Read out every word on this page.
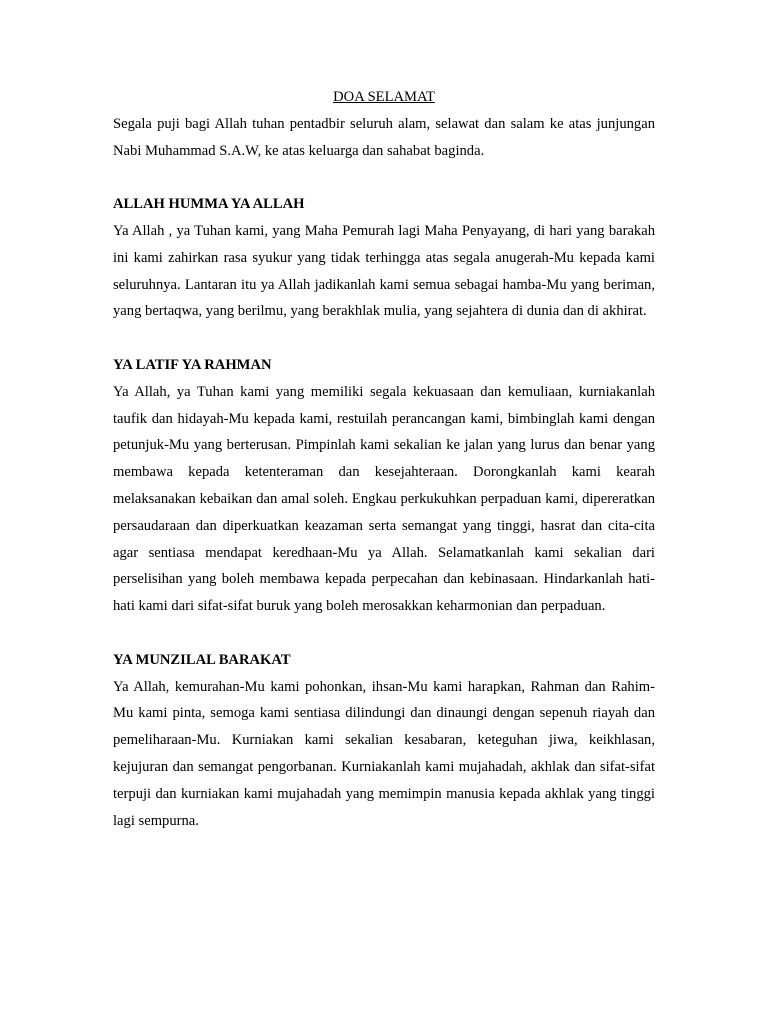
DOA SELAMAT

Segala puji bagi Allah tuhan pentadbir seluruh alam, selawat dan salam ke atas junjungan Nabi Muhammad S.A.W, ke atas keluarga dan sahabat baginda.

ALLAH HUMMA YA ALLAH

Ya Allah , ya Tuhan kami, yang Maha Pemurah lagi Maha Penyayang, di hari yang barakah ini kami zahirkan rasa syukur yang tidak terhingga atas segala anugerah-Mu kepada kami seluruhnya. Lantaran itu ya Allah jadikanlah kami semua sebagai hamba-Mu yang beriman, yang bertaqwa, yang berilmu, yang berakhlak mulia, yang sejahtera di dunia dan di akhirat.

YA LATIF YA RAHMAN

Ya Allah, ya Tuhan kami yang memiliki segala kekuasaan dan kemuliaan, kurniakanlah taufik dan hidayah-Mu kepada kami, restuilah perancangan kami, bimbinglah kami dengan petunjuk-Mu yang berterusan. Pimpinlah kami sekalian ke jalan yang lurus dan benar yang membawa kepada ketenteraman dan kesejahteraan. Dorongkanlah kami kearah melaksanakan kebaikan dan amal soleh. Engkau perkukuhkan perpaduan kami, dipereratkan persaudaraan dan diperkuatkan keazaman serta semangat yang tinggi, hasrat dan cita-cita agar sentiasa mendapat keredhaan-Mu ya Allah. Selamatkanlah kami sekalian dari perselisihan yang boleh membawa kepada perpecahan dan kebinasaan. Hindarkanlah hati-hati kami dari sifat-sifat buruk yang boleh merosakkan keharmonian dan perpaduan.

YA MUNZILAL BARAKAT

Ya Allah, kemurahan-Mu kami pohonkan, ihsan-Mu kami harapkan, Rahman dan Rahim-Mu kami pinta, semoga kami sentiasa dilindungi dan dinaungi dengan sepenuh riayah dan pemeliharaan-Mu. Kurniakan kami sekalian kesabaran, keteguhan jiwa, keikhlasan, kejujuran dan semangat pengorbanan. Kurniakanlah kami mujahadah, akhlak dan sifat-sifat terpuji dan kurniakan kami mujahadah yang memimpin manusia kepada akhlak yang tinggi lagi sempurna.
